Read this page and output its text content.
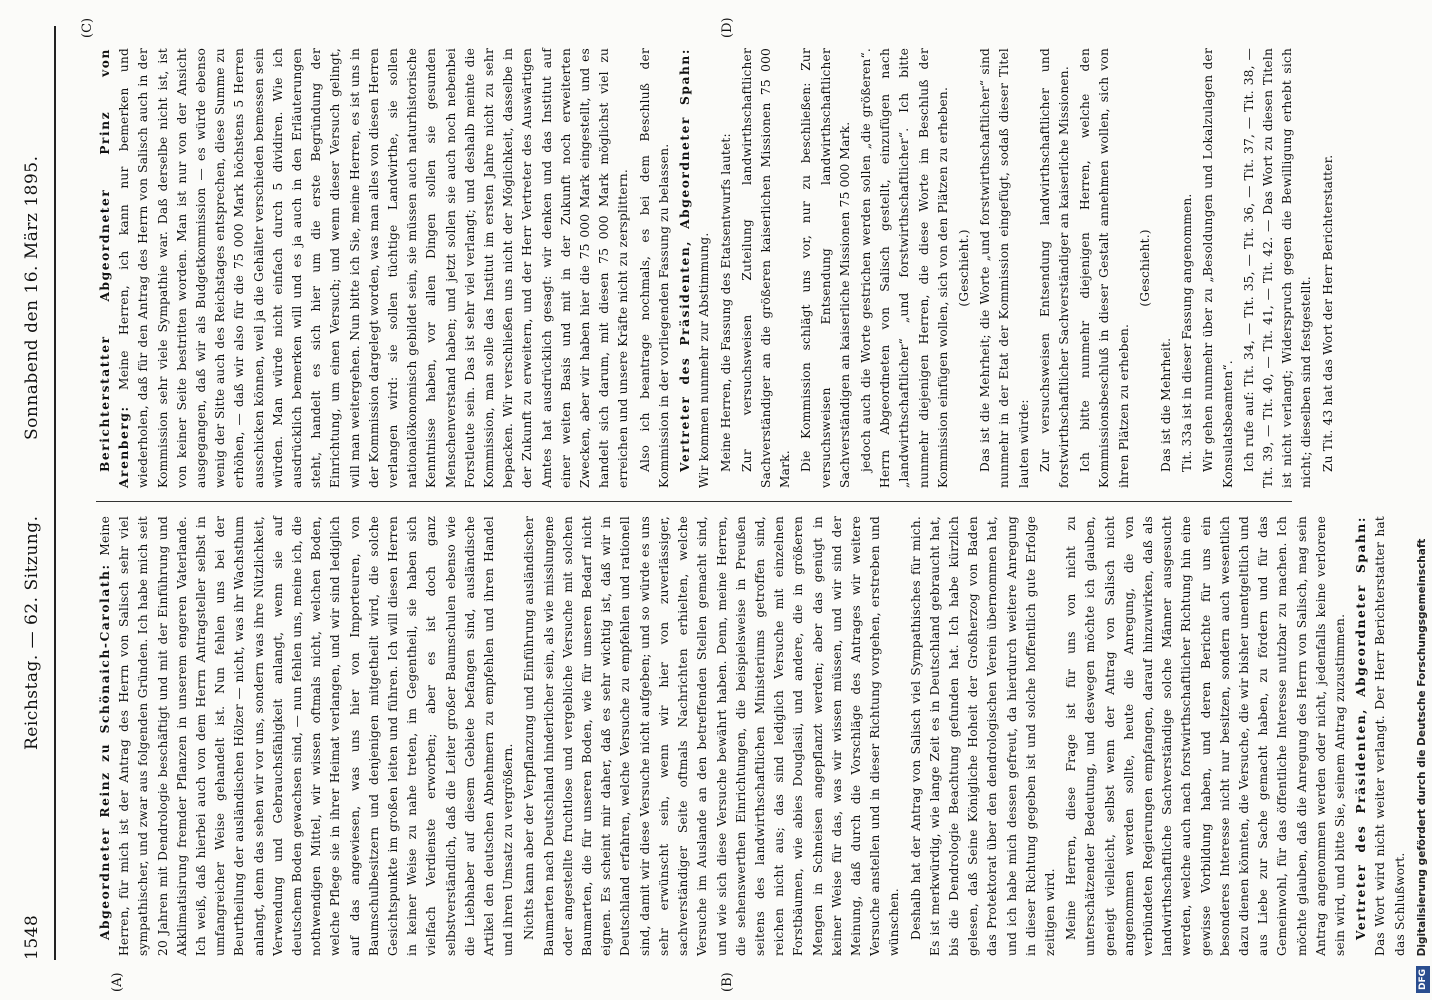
1548
Reichstag. — 62. Sitzung.
Sonnabend den 16. März 1895.
(A)	(B)
(C)	(D)

Abgeordneter Reinz zu Schönaich-Carolath: Meine Herren, für mich ist der Antrag des Herrn von Salisch sehr viel sympathischer, und zwar aus folgenden Gründen. Ich habe mich seit 20 Jahren mit Dendrologie beschäftigt und mit der Einführung und Akklimatisirung fremder Pflanzen in unserem engeren Vaterlande. Ich weiß, daß hierbei auch von dem Herrn Antragsteller selbst in umfangreicher Weise gehandelt ist. Nun fehlen uns bei der Beurtheilung der ausländischen Hölzer — nicht, was ihr Wachsthum anlangt, denn das sehen wir vor uns, sondern was ihre Nützlichkeit, Verwendung und Gebrauchsfähigkeit anlangt, wenn sie auf deutschem Boden gewachsen sind, — nun fehlen uns, meine ich, die nothwendigen Mittel, wir wissen oftmals nicht, welchen Boden, welche Pflege sie in ihrer Heimat verlangen, und wir sind lediglich auf das angewiesen, was uns hier von Importeuren, von Baumschulbesitzern und denjenigen mitgetheilt wird, die solche Gesichtspunkte im großen leiten und führen. Ich will diesen Herren in keiner Weise zu nahe treten, im Gegentheil, sie haben sich vielfach Verdienste erworben; aber es ist doch ganz selbstverständlich, daß die Leiter großer Baumschulen ebenso wie die Liebhaber auf diesem Gebiete befangen sind, ausländische Artikel den deutschen Abnehmern zu empfehlen und ihren Handel und ihren Umsatz zu vergrößern. Nichts kann aber der Verpflanzung und Einführung ausländischer Baumarten nach Deutschland hinderlicher sein, als wie misslungene oder angestellte fruchtlose und vergebliche Versuche mit solchen Baumarten, die für unseren Boden, wie für unseren Bedarf nicht eignen. Es scheint mir daher, daß es sehr wichtig ist, daß wir in Deutschland erfahren, welche Versuche zu empfehlen und rationell sind, damit wir diese Versuche nicht aufgeben; und so würde es uns sehr erwünscht sein, wenn wir hier von zuverlässiger, sachverständiger Seite oftmals Nachrichten erhielten, welche Versuche im Auslande an den betreffenden Stellen gemacht sind, und wie sich diese Versuche bewährt haben. Denn, meine Herren, die sehenswerthen Einrichtungen, die beispielsweise in Preußen seitens des landwirthschaftlichen Ministeriums getroffen sind, reichen nicht aus; das sind lediglich Versuche mit einzelnen Forstbäumen, wie abies Douglasii, und andere, die in größeren Mengen in Schneisen angepflanzt werden; aber das genügt in keiner Weise für das, was wir wissen müssen, und wir sind der Meinung, daß durch die Vorschläge des Antrages wir weitere Versuche anstellen und in dieser Richtung vorgehen, erstreben und wünschen. Deshalb hat der Antrag von Salisch viel Sympathisches für mich. Es ist merkwürdig, wie lange Zeit es in Deutschland gebraucht hat, bis die Dendrologie Beachtung gefunden hat. Ich habe kürzlich gelesen, daß Seine Königliche Hoheit der Großherzog von Baden das Protektorat über den dendrologischen Verein übernommen hat, und ich habe mich dessen gefreut, da hierdurch weitere Anregung in dieser Richtung gegeben ist und solche hoffentlich gute Erfolge zeitigen wird. Meine Herren, diese Frage ist für uns von nicht zu unterschätzender Bedeutung, und deswegen möchte ich glauben, geneigt vielleicht, selbst wenn der Antrag von Salisch nicht angenommen werden sollte, heute die Anregung, die von verbündeten Regierungen empfangen, darauf hinzuwirken, daß als landwirthschaftliche Sachverständige solche Männer ausgesucht werden, welche auch nach forstwirthschaftlicher Richtung hin eine gewisse Vorbildung haben, und deren Berichte für uns ein besonderes Interesse nicht nur besitzen, sondern auch wesentlich dazu dienen könnten, die Versuche, die wir bisher unentgeltlich und aus Liebe zur Sache gemacht haben, zu fördern und für das Gemeinwohl, für das öffentliche Interesse nutzbar zu machen. Ich möchte glauben, daß die Anregung des Herrn von Salisch, mag sein Antrag angenommen werden oder nicht, jedenfalls keine verlorene sein wird, und bitte Sie, seinem Antrag zuzustimmen. Vertreter des Präsidenten, Abgeordneter Spahn: Das Wort wird nicht weiter verlangt. Der Herr Berichterstatter hat das Schlußwort.

Berichterstatter Abgeordneter Prinz von Arenberg: Meine Herren, ich kann nur bemerken und wiederholen, daß für den Antrag des Herrn von Salisch auch in der Kommission sehr viele Sympathie war. Daß derselbe nicht ist, ist von keiner Seite bestritten worden. Man ist nur von der Ansicht ausgegangen, daß wir als Budgetkommission — es würde ebenso wenig der Sitte auch des Reichstages entsprechen, diese Summe zu erhöhen, — daß wir also für die 75 000 Mark höchstens 5 Herren ausschicken können, weil ja die Gehälter verschieden bemessen sein würden. Man würde nicht einfach durch 5 dividiren. Wie ich ausdrücklich bemerken will und es ja auch in den Erläuterungen steht, handelt es sich hier um die erste Begründung der Einrichtung, um einen Versuch; und wenn dieser Versuch gelingt, will man weitergehen. Nun bitte ich Sie, meine Herren, es ist uns in der Kommission dargelegt worden, was man alles von diesen Herren verlangen wird: sie sollen tüchtige Landwirthe, sie sollen nationalökonomisch gebildet sein, sie müssen auch naturhistorische Kenntnisse haben, vor allen Dingen sollen sie gesunden Menschenverstand haben; und jetzt sollen sie auch noch nebenbei Forstleute sein. Das ist sehr viel verlangt; und deshalb meinte die Kommission, man solle das Institut im ersten Jahre nicht zu sehr bepacken. Wir verschließen uns nicht der Möglichkeit, dasselbe in der Zukunft zu erweitern, und der Herr Vertreter des Auswärtigen Amtes hat ausdrücklich gesagt: wir denken und das Institut auf einer weiten Basis und mit in der Zukunft noch erweiterten Zwecken, aber wir haben hier die 75 000 Mark eingestellt, und es handelt sich darum, mit diesen 75 000 Mark möglichst viel zu erreichen und unsere Kräfte nicht zu zersplittern. Also ich beantrage nochmals, es bei dem Beschluß der Kommission in der vorliegenden Fassung zu belassen. Vertreter des Präsidenten, Abgeordneter Spahn: Wir kommen nunmehr zur Abstimmung. Meine Herren, die Fassung des Etatsentwurfs lautet: Zur versuchsweisen Zuteilung landwirthschaftlicher Sachverständiger an die größeren kaiserlichen Missionen 75 000 Mark. Die Kommission schlägt uns vor, nur zu beschließen: Zur versuchsweisen Entsendung landwirthschaftlicher Sachverständigen an kaiserliche Missionen 75 000 Mark. jedoch auch die Worte gestrichen werden sollen „die größeren“. Herrn Abgeordneten von Salisch gestellt, einzufügen nach „landwirthschaftlicher“ „und forstwirthschaftlicher“. Ich bitte nunmehr diejenigen Herren, die diese Worte im Beschluß der Kommission einfügen wollen, sich von den Plätzen zu erheben. (Geschieht.) Das ist die Mehrheit; die Worte „und forstwirthschaftlicher“ sind nunmehr in der Etat der Kommission eingefügt, sodaß dieser Titel lauten würde: Zur versuchsweisen Entsendung landwirthschaftlicher und forstwirthschaftlicher Sachverständiger an kaiserliche Missionen. Ich bitte nunmehr diejenigen Herren, welche den Kommissionsbeschluß in dieser Gestalt annehmen wollen, sich von ihren Plätzen zu erheben.

(Geschieht.)

Das ist die Mehrheit. Tit. 33a ist in dieser Fassung angenommen. Wir gehen nunmehr über zu „Besoldungen und Lokalzulagen der Konsulatsbeamten“. Ich rufe auf: Tit. 34, — Tit. 35, — Tit. 36, — Tit. 37, — Tit. 38, — Tit. 39, — Tit. 40, — Tit. 41, — Tit. 42. — Das Wort zu diesen Titeln ist nicht verlangt; Widerspruch gegen die Bewilligung erhebt sich nicht; dieselben sind festgestellt. Zu Tit. 43 hat das Wort der Herr Berichterstatter.

DFG Digitalisierung gefördert durch die Deutsche Forschungsgemeinschaft
